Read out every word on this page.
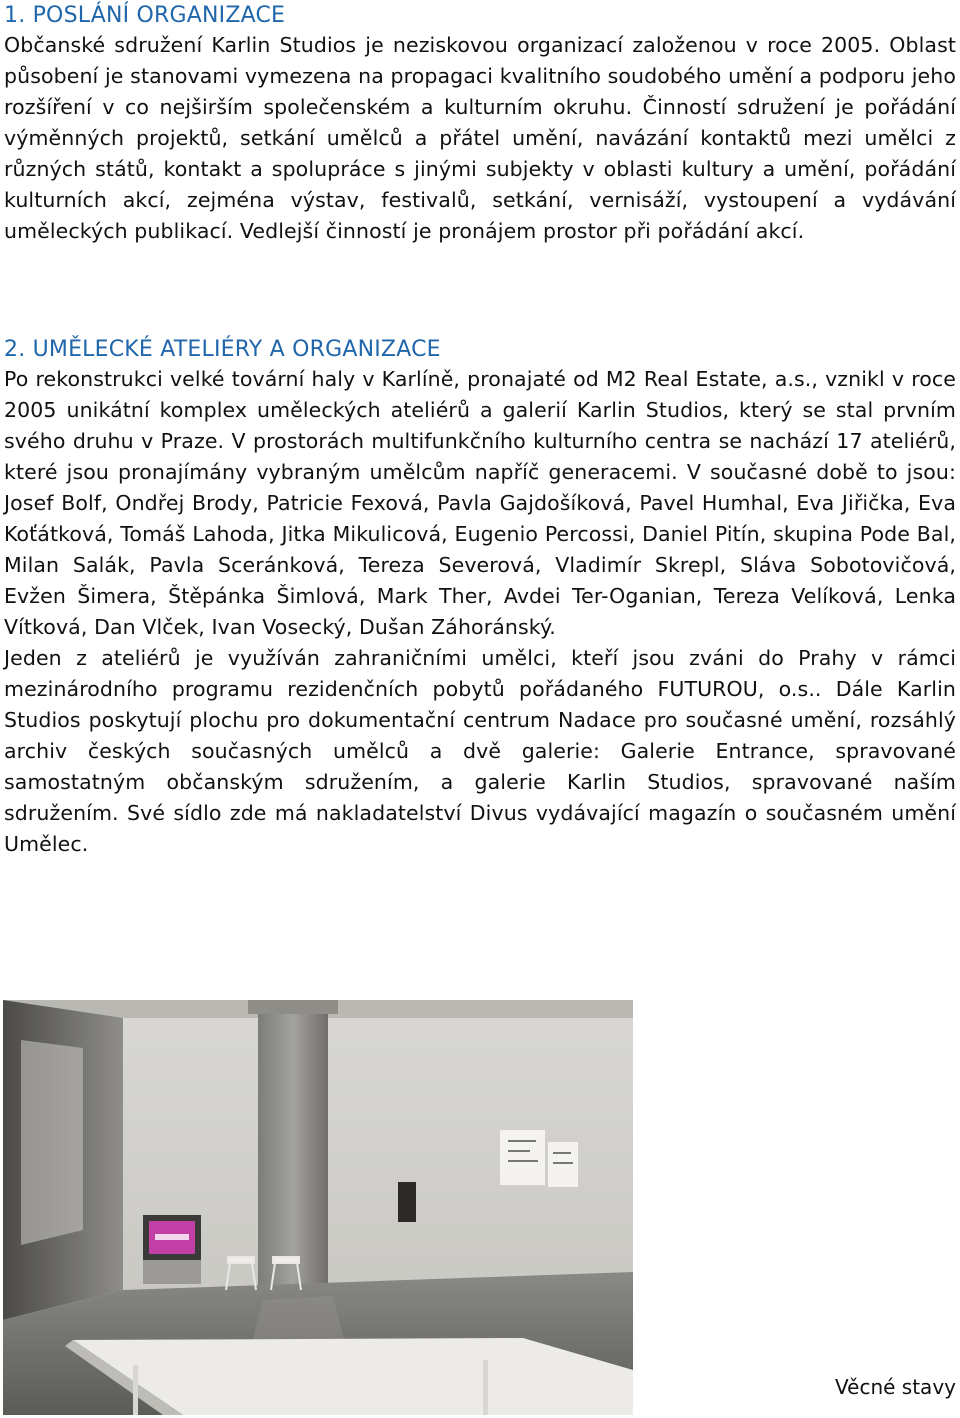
1. POSLÁNÍ ORGANIZACE

Občanské sdružení Karlin Studios je neziskovou organizací založenou v roce 2005. Oblast působení je stanovami vymezena na propagaci kvalitního soudobého umění a podporu jeho rozšíření v co nejširším společenském a kulturním okruhu. Činností sdružení je pořádání výměnných projektů, setkání umělců a přátel umění, navázání kontaktů mezi umělci z různých států, kontakt a spolupráce s jinými subjekty v oblasti kultury a umění, pořádání kulturních akcí, zejména výstav, festivalů, setkání, vernisáží, vystoupení a vydávání uměleckých publikací. Vedlejší činností je pronájem prostor při pořádání akcí.

2. UMĚLECKÉ ATELIÉRY A ORGANIZACE

Po rekonstrukci velké tovární haly v Karlíně, pronajaté od M2 Real Estate, a.s., vznikl v roce 2005 unikátní komplex uměleckých ateliérů a galerií Karlin Studios, který se stal prvním svého druhu v Praze. V prostorách multifunkčního kulturního centra se nachází 17 ateliérů, které jsou pronajímány vybraným umělcům napříč generacemi. V současné době to jsou: Josef Bolf, Ondřej Brody, Patricie Fexová, Pavla Gajdošíková, Pavel Humhal, Eva Jiřička, Eva Koťátková, Tomáš Lahoda, Jitka Mikulicová, Eugenio Percossi, Daniel Pitín, skupina Pode Bal, Milan Salák, Pavla Sceránková, Tereza Severová, Vladimír Skrepl, Sláva Sobotovičová, Evžen Šimera, Štěpánka Šimlová, Mark Ther, Avdei Ter-Oganian, Tereza Velíková, Lenka Vítková, Dan Vlček, Ivan Vosecký, Dušan Záhoránský.

Jeden z ateliérů je využíván zahraničními umělci, kteří jsou zváni do Prahy v rámci mezinárodního programu rezidenčních pobytů pořádaného FUTUROU, o.s.. Dále Karlin Studios poskytují plochu pro dokumentační centrum Nadace pro současné umění, rozsáhlý archiv českých současných umělců a dvě galerie: Galerie Entrance, spravované samostatným občanským sdružením, a galerie Karlin Studios, spravované naším sdružením. Své sídlo zde má nakladatelství Divus vydávající magazín o současném umění Umělec.

Věcné stavy
